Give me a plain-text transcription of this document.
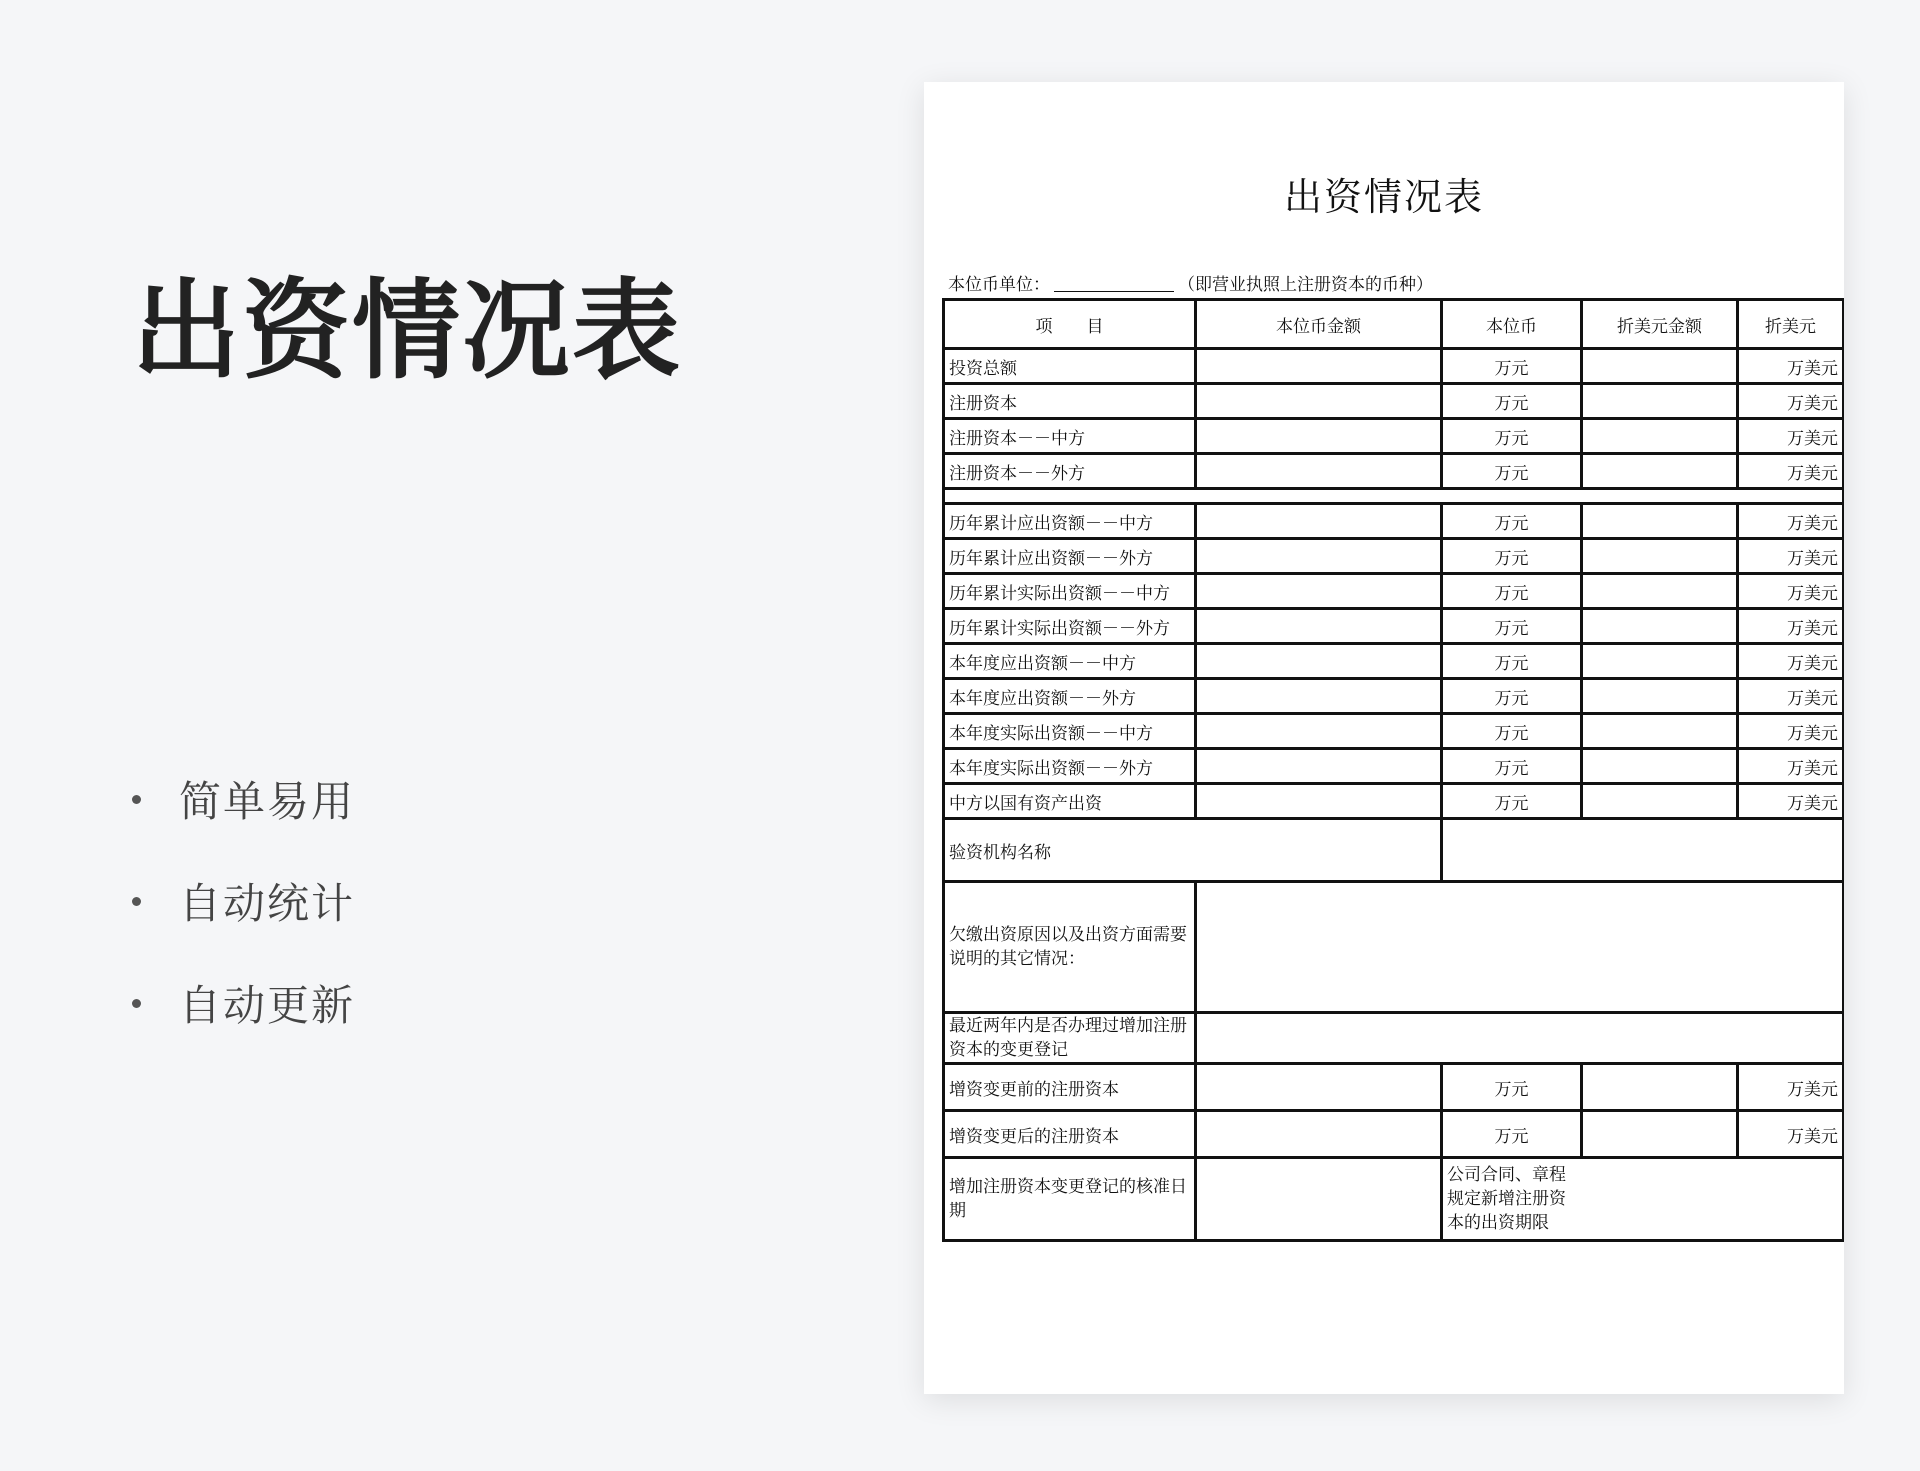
出资情况表
简单易用
自动统计
自动更新
出资情况表
本位币单位：	（即营业执照上注册资本的币种）
项　　目	本位币金额	本位币	折美元金额	折美元
投资总额		万元		万美元
注册资本		万元		万美元
注册资本－－中方		万元		万美元
注册资本－－外方		万元		万美元

历年累计应出资额－－中方		万元		万美元
历年累计应出资额－－外方		万元		万美元
历年累计实际出资额－－中方		万元		万美元
历年累计实际出资额－－外方		万元		万美元
本年度应出资额－－中方		万元		万美元
本年度应出资额－－外方		万元		万美元
本年度实际出资额－－中方		万元		万美元
本年度实际出资额－－外方		万元		万美元
中方以国有资产出资		万元		万美元
验资机构名称				
欠缴出资原因以及出资方面需要说明的其它情况：				
最近两年内是否办理过增加注册资本的变更登记				
增资变更前的注册资本		万元		万美元
增资变更后的注册资本		万元		万美元
增加注册资本变更登记的核准日期		公司合同、章程规定新增注册资本的出资期限		
